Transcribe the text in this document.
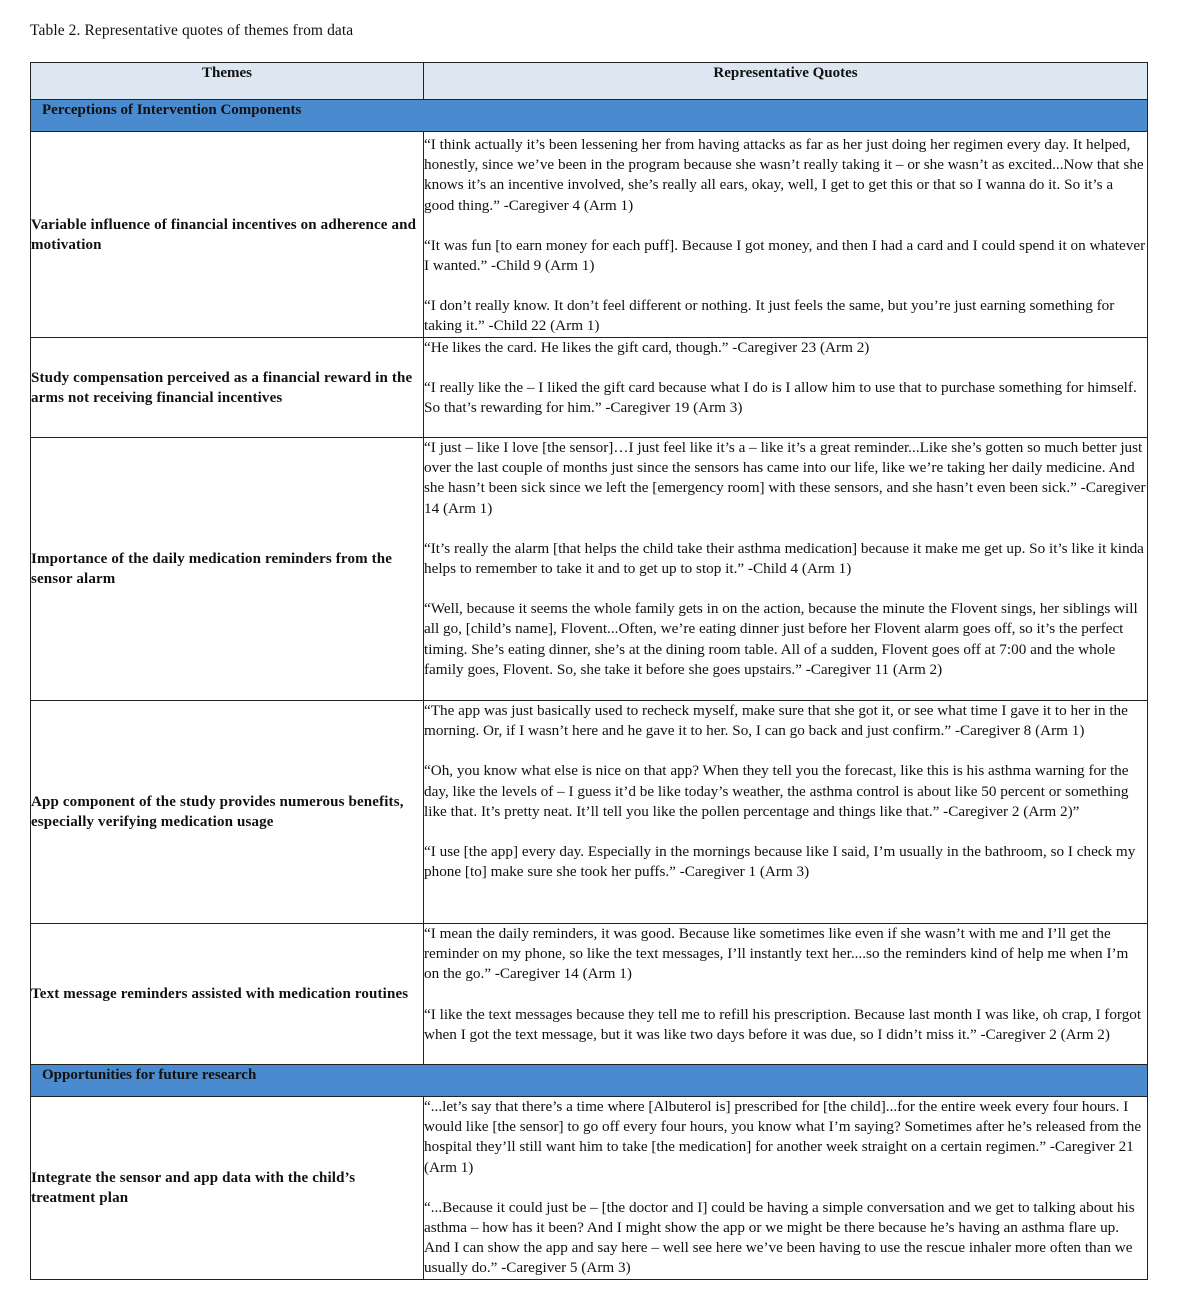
Table 2. Representative quotes of themes from data
Themes	Representative Quotes
Perceptions of Intervention Components	
Variable influence of financial incentives on adherence and motivation	“I think actually it’s been lessening her from having attacks as far as her just doing her regimen every day. It helped, honestly, since we’ve been in the program because she wasn’t really taking it – or she wasn’t as excited...Now that she knows it’s an incentive involved, she’s really all ears, okay, well, I get to get this or that so I wanna do it. So it’s a good thing.” -Caregiver 4 (Arm 1)
“It was fun [to earn money for each puff]. Because I got money, and then I had a card and I could spend it on whatever I wanted.” -Child 9 (Arm 1)
“I don’t really know. It don’t feel different or nothing. It just feels the same, but you’re just earning something for taking it.” -Child 22 (Arm 1)

Study compensation perceived as a financial reward in the arms not receiving financial incentives	“He likes the card. He likes the gift card, though.” -Caregiver 23 (Arm 2)
“I really like the – I liked the gift card because what I do is I allow him to use that to purchase something for himself. So that’s rewarding for him.” -Caregiver 19 (Arm 3)

Importance of the daily medication reminders from the sensor alarm	“I just – like I love [the sensor]…I just feel like it’s a – like it’s a great reminder...Like she’s gotten so much better just over the last couple of months just since the sensors has came into our life, like we’re taking her daily medicine. And she hasn’t been sick since we left the [emergency room] with these sensors, and she hasn’t even been sick.” -Caregiver 14 (Arm 1)
“It’s really the alarm [that helps the child take their asthma medication] because it make me get up. So it’s like it kinda helps to remember to take it and to get up to stop it.” -Child 4 (Arm 1)
“Well, because it seems the whole family gets in on the action, because the minute the Flovent sings, her siblings will all go, [child’s name], Flovent...Often, we’re eating dinner just before her Flovent alarm goes off, so it’s the perfect timing. She’s eating dinner, she’s at the dining room table. All of a sudden, Flovent goes off at 7:00 and the whole family goes, Flovent. So, she take it before she goes upstairs.” -Caregiver 11 (Arm 2)

App component of the study provides numerous benefits, especially verifying medication usage	“The app was just basically used to recheck myself, make sure that she got it, or see what time I gave it to her in the morning. Or, if I wasn’t here and he gave it to her. So, I can go back and just confirm.” -Caregiver 8 (Arm 1)
“Oh, you know what else is nice on that app? When they tell you the forecast, like this is his asthma warning for the day, like the levels of – I guess it’d be like today’s weather, the asthma control is about like 50 percent or something like that. It’s pretty neat. It’ll tell you like the pollen percentage and things like that.” -Caregiver 2 (Arm 2)”
“I use [the app] every day. Especially in the mornings because like I said, I’m usually in the bathroom, so I check my phone [to] make sure she took her puffs.” -Caregiver 1 (Arm 3)

Text message reminders assisted with medication routines	“I mean the daily reminders, it was good. Because like sometimes like even if she wasn’t with me and I’ll get the reminder on my phone, so like the text messages, I’ll instantly text her....so the reminders kind of help me when I’m on the go.” -Caregiver 14 (Arm 1)
“I like the text messages because they tell me to refill his prescription. Because last month I was like, oh crap, I forgot when I got the text message, but it was like two days before it was due, so I didn’t miss it.” -Caregiver 2 (Arm 2)

Opportunities for future research	
Integrate the sensor and app data with the child’s treatment plan	“...let’s say that there’s a time where [Albuterol is] prescribed for [the child]...for the entire week every four hours. I would like [the sensor] to go off every four hours, you know what I’m saying? Sometimes after he’s released from the hospital they’ll still want him to take [the medication] for another week straight on a certain regimen.” -Caregiver 21 (Arm 1)
“...Because it could just be – [the doctor and I] could be having a simple conversation and we get to talking about his asthma – how has it been? And I might show the app or we might be there because he’s having an asthma flare up. And I can show the app and say here – well see here we’ve been having to use the rescue inhaler more often than we usually do.” -Caregiver 5 (Arm 3)
